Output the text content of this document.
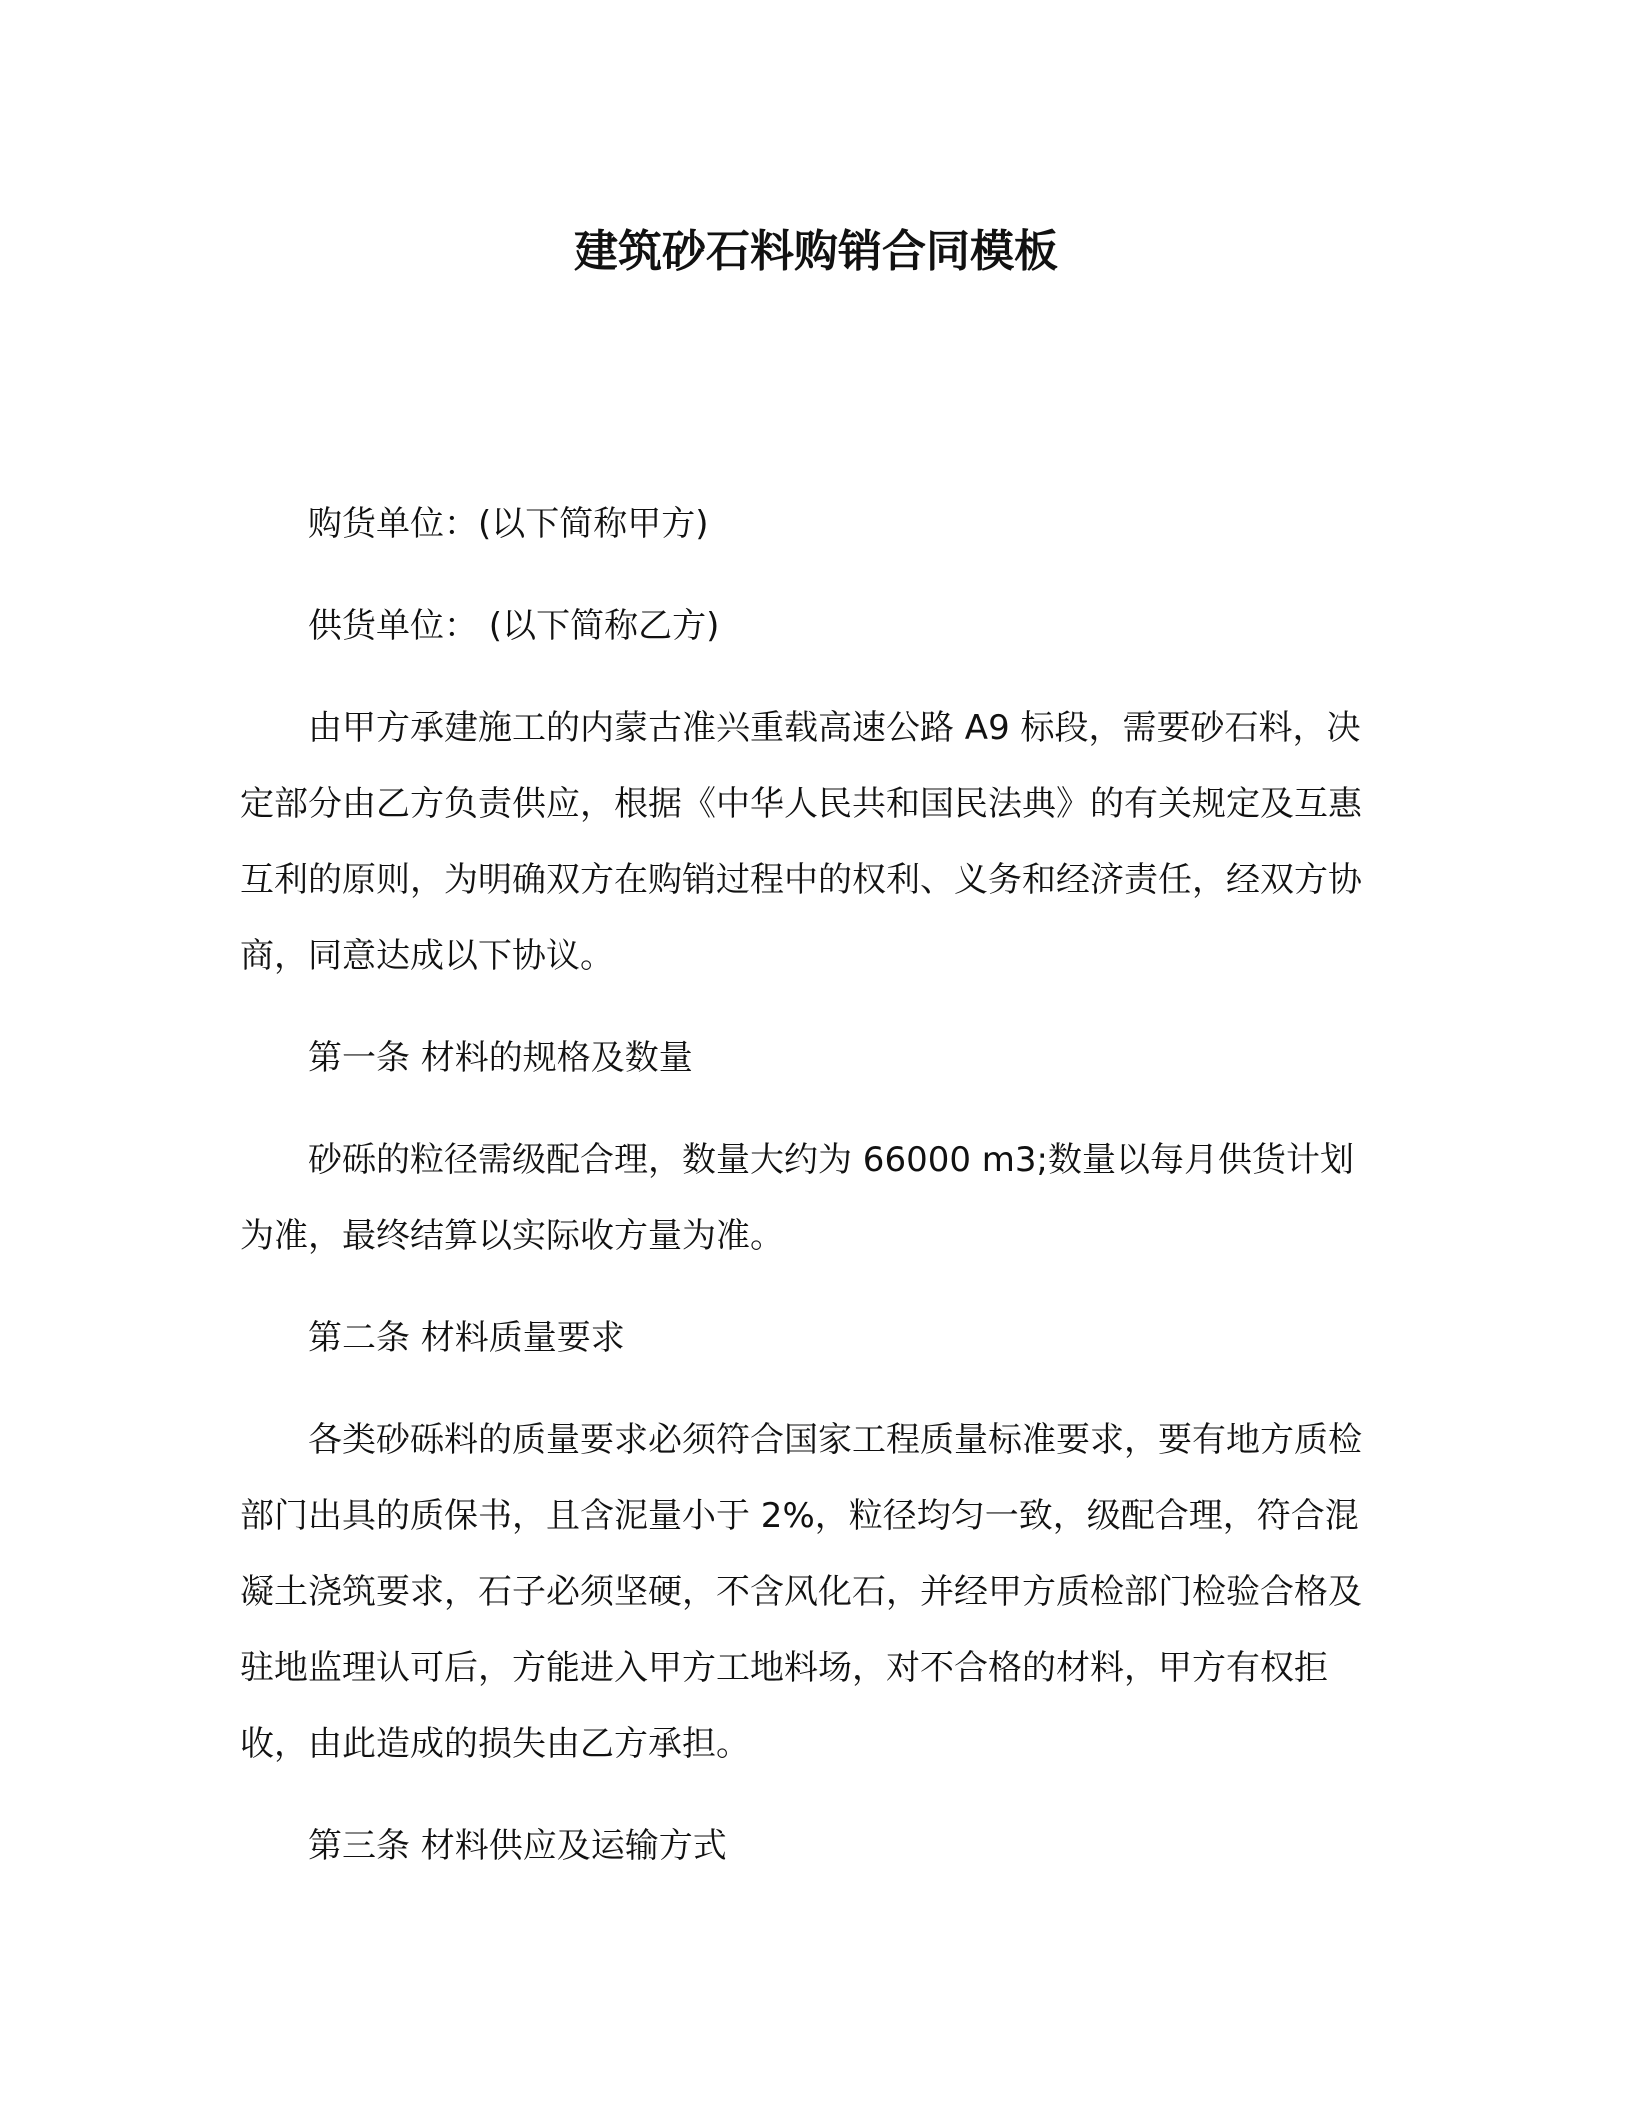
建筑砂石料购销合同模板

购货单位：(以下简称甲方)

供货单位： (以下简称乙方)

由甲方承建施工的内蒙古准兴重载高速公路 A9 标段，需要砂石料，决定部分由乙方负责供应，根据《中华人民共和国民法典》的有关规定及互惠互利的原则，为明确双方在购销过程中的权利、义务和经济责任，经双方协商，同意达成以下协议。

第一条 材料的规格及数量

砂砾的粒径需级配合理，数量大约为 66000 m3;数量以每月供货计划为准，最终结算以实际收方量为准。

第二条 材料质量要求

各类砂砾料的质量要求必须符合国家工程质量标准要求，要有地方质检部门出具的质保书，且含泥量小于 2%，粒径均匀一致，级配合理，符合混凝土浇筑要求，石子必须坚硬，不含风化石，并经甲方质检部门检验合格及驻地监理认可后，方能进入甲方工地料场，对不合格的材料，甲方有权拒收，由此造成的损失由乙方承担。

第三条 材料供应及运输方式
